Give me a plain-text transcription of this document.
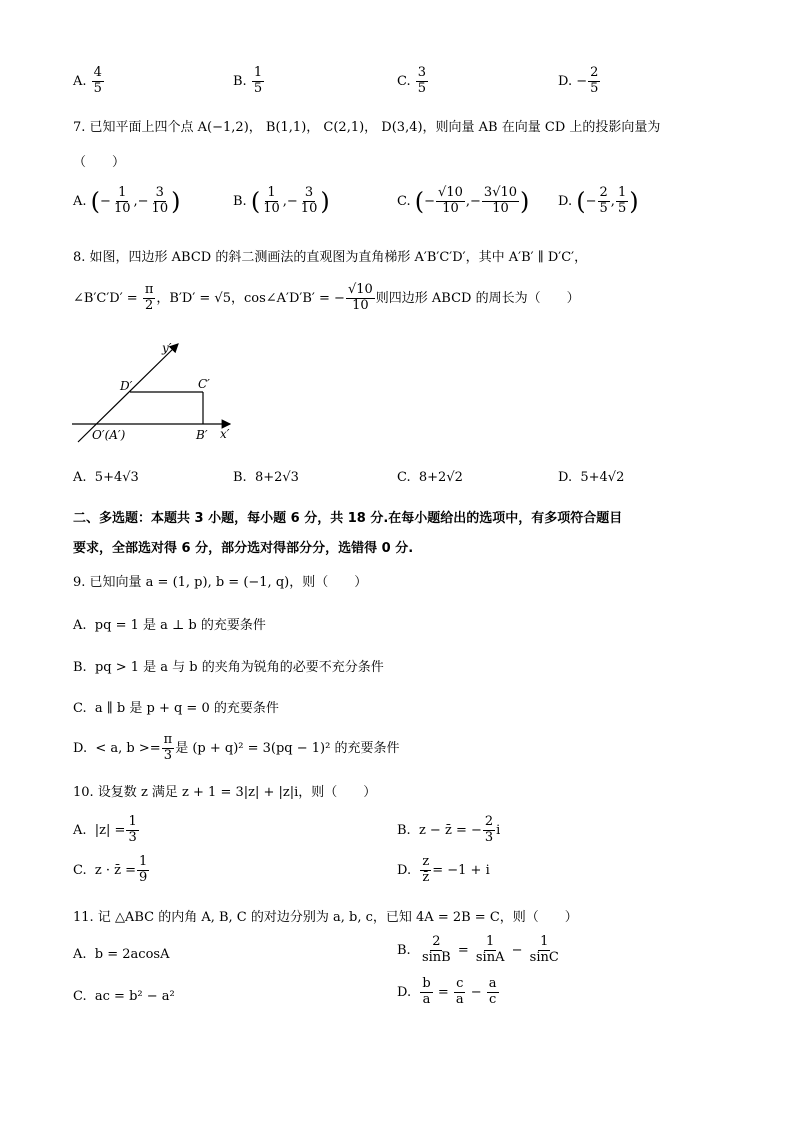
A. $\frac{4}{5}$	B. $\frac{1}{5}$	C. $\frac{3}{5}$	D. − $\frac{2}{5}$
7. 已知平面上四个点 A(−1,2)， B(1,1)， C(2,1)， D(3,4)，则向量 AB 在向量 CD 上的投影向量为
（　　）
A. (− $\frac{1}{10}$ ,− $\frac{3}{10}$ )	B. ( $\frac{1}{10}$ ,− $\frac{3}{10}$ )	C. (− $\frac{√10}{10}$ ,− $\frac{3√10}{10}$ ) D. (− $\frac{2}{5}$ , $\frac{1}{5}$ )
8. 如图，四边形 ABCD 的斜二测画法的直观图为直角梯形 A′B′C′D′，其中 A′B′ ∥ D′C′，
∠B′C′D′ = $\frac{\pi}{2}$ ，B′D′ = √5，cos∠A′D′B′ = − $\frac{√10}{10}$ 则四边形 ABCD 的周长为（　　）
y′
x′
D′	C′
B′
O′(A′)
A. 5+4√3	B. 8+2√3	C. 8+2√2	D. 5+4√2
二、多选题：本题共 3 小题，每小题 6 分，共 18 分.在每小题给出的选项中，有多项符合题目
要求，全部选对得 6 分，部分选对得部分分，选错得 0 分.
9. 已知向量 a = (1, p), b = (−1, q)，则（　　）
A. pq = 1 是 a ⊥ b 的充要条件
B. pq > 1 是 a 与 b 的夹角为锐角的必要不充分条件
C. a ∥ b 是 p + q = 0 的充要条件
D. < a, $b >= \frac{\pi}{3}$ 是 (p + q)² = 3(pq − 1)² 的充要条件
10. 设复数 z 满足 z + 1 = 3|z| + |z|i，则（　　）
A. $|z| = \frac{1}{3}$	B. z − z̄ = − $\frac{2}{3}$ i
C. z · z̄ = $\frac{1}{9}$	D. $\frac{z}{z̄} = -1 + i$
11. 记 △ABC 的内角 A, B, C 的对边分别为 a, b, c，已知 4A = 2B = C，则（　　）
A. b = 2acosA	B. $\frac{2}{\sin B} = \frac{1}{\sin A} - \frac{1}{\sin C}$
C. ac = b² − a²	D. $\frac{b}{a} = \frac{c}{a} - \frac{a}{c}$
